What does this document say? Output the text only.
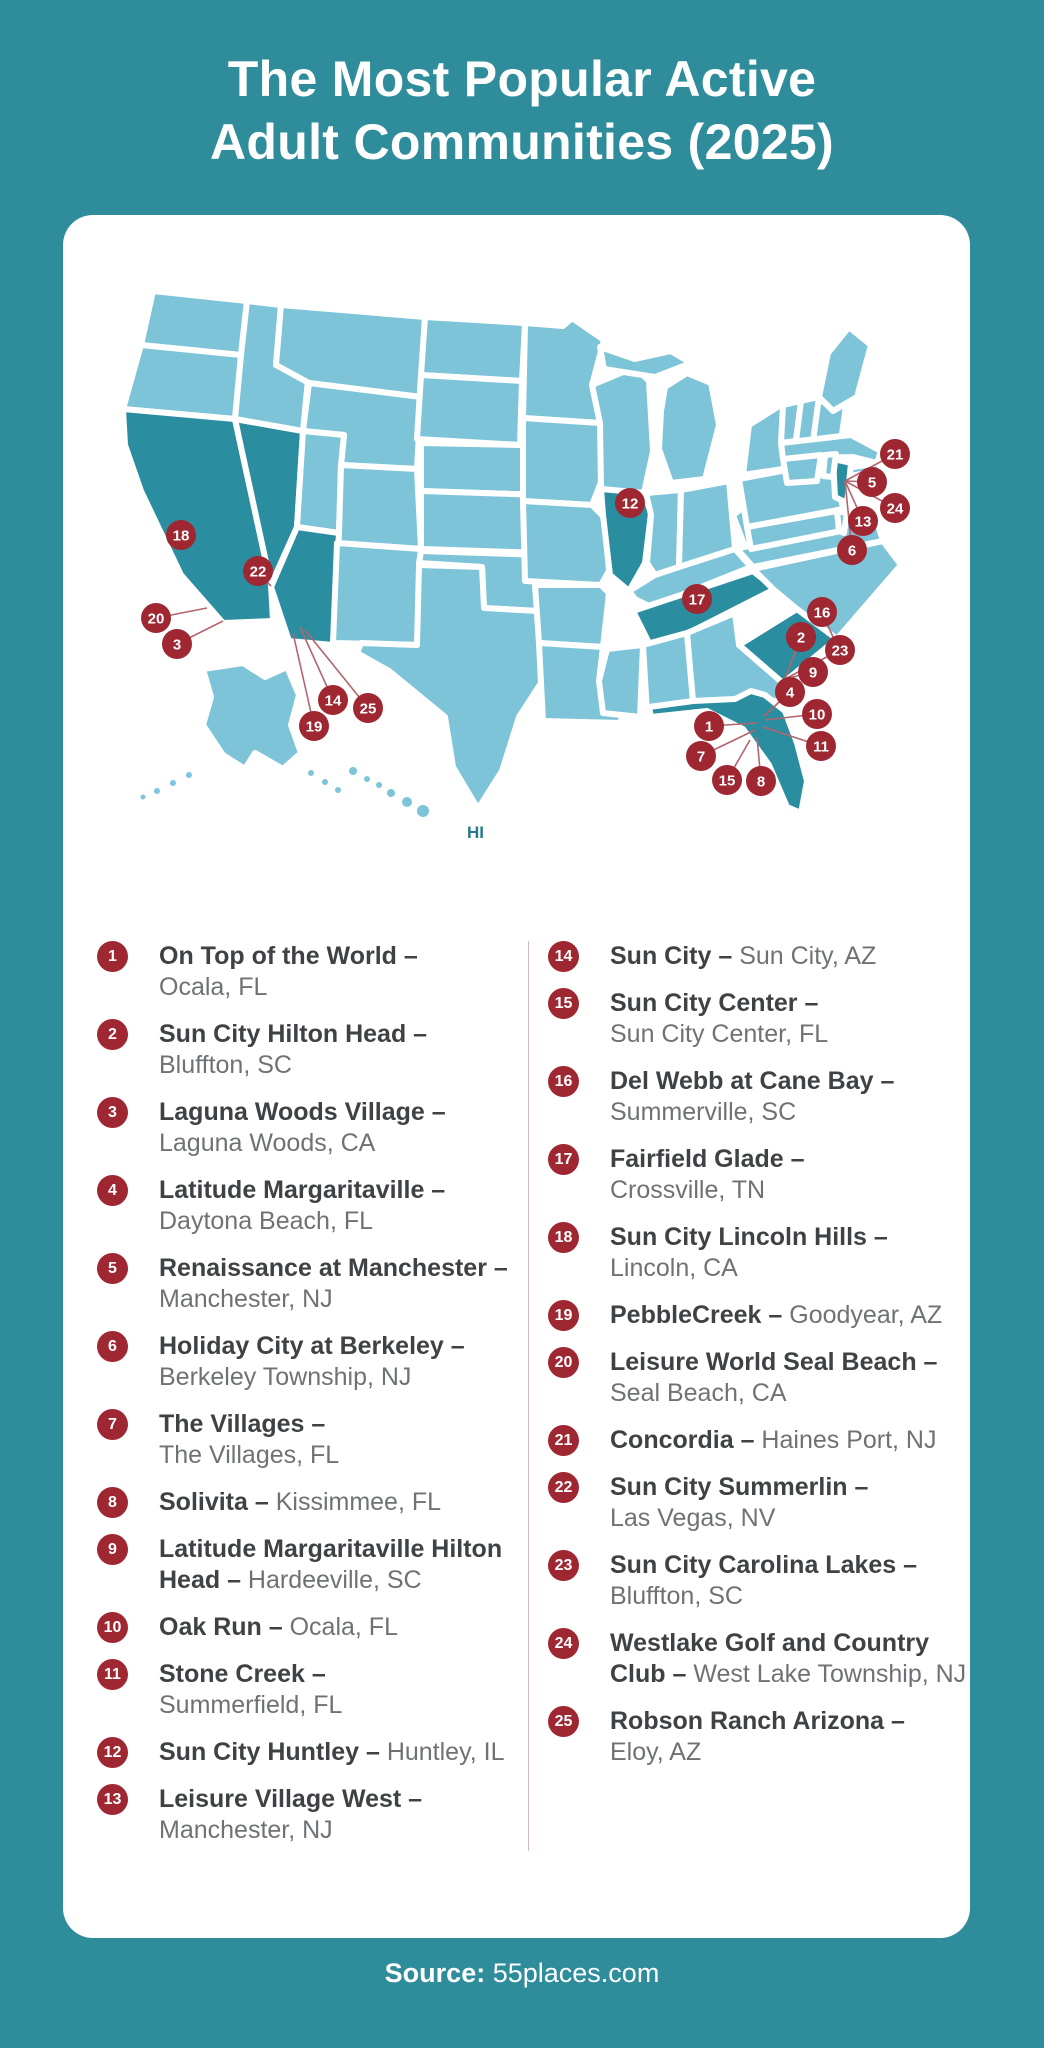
The Most Popular Active
Adult Communities (2025)
HI
1
2
3
4
5
6
7
8
9
10
11
12
13
14
15
16
17
18
19
20
21
22
23
24
25
1	On Top of the World –
Ocala, FL
2	Sun City Hilton Head –
Bluffton, SC
3	Laguna Woods Village –
Laguna Woods, CA
4	Latitude Margaritaville –
Daytona Beach, FL
5	Renaissance at Manchester –
Manchester, NJ
6	Holiday City at Berkeley –
Berkeley Township, NJ
7	The Villages –
The Villages, FL
8	Solivita – Kissimmee, FL
9	Latitude Margaritaville Hilton Head – Hardeeville, SC
10 Oak Run – Ocala, FL
11 Stone Creek –
Summerfield, FL
12 Sun City Huntley – Huntley, IL
13 Leisure Village West –
Manchester, NJ
14 Sun City – Sun City, AZ
15 Sun City Center –
Sun City Center, FL
16 Del Webb at Cane Bay –
Summerville, SC
17 Fairfield Glade –
Crossville, TN
18 Sun City Lincoln Hills –
Lincoln, CA
19 PebbleCreek – Goodyear, AZ
20 Leisure World Seal Beach –
Seal Beach, CA
21 Concordia – Haines Port, NJ
22 Sun City Summerlin –
Las Vegas, NV
23 Sun City Carolina Lakes –
Bluffton, SC
24 Westlake Golf and Country Club – West Lake Township, NJ
25 Robson Ranch Arizona –
Eloy, AZ
Source: 55places.com
